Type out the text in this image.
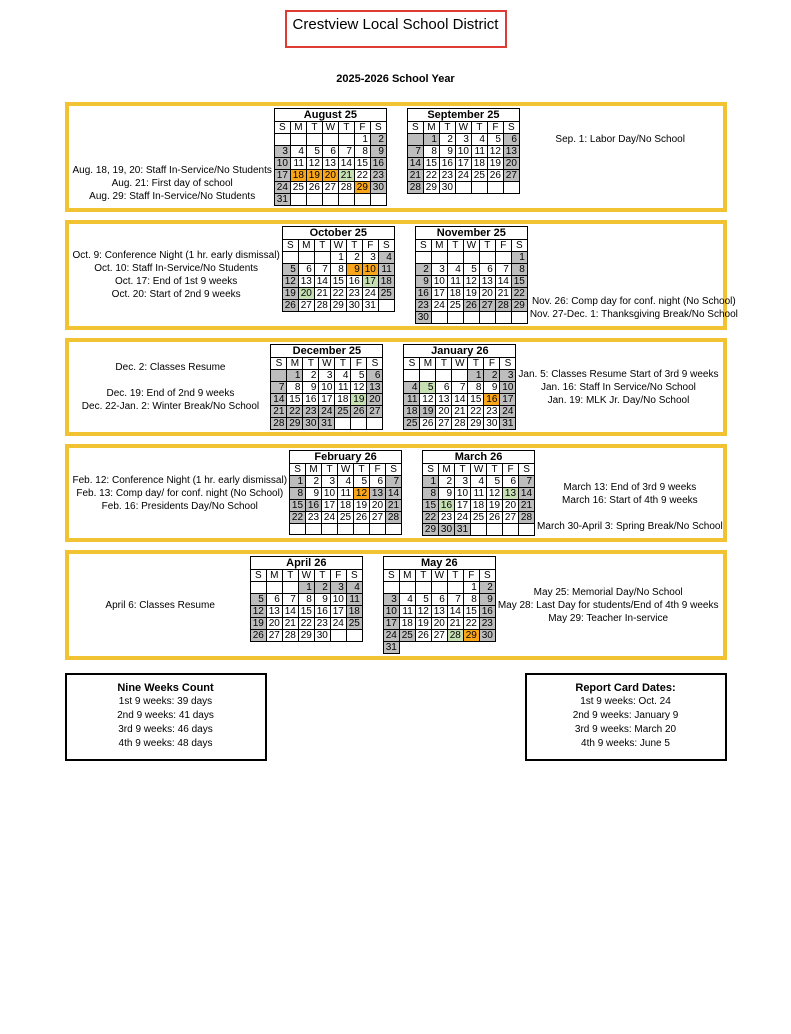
Crestview Local School District
2025-2026 School Year
Aug. 18, 19, 20: Staff In-Service/No Students
Aug. 21: First day of school
Aug. 29: Staff In-Service/No Students
August 25						
S	M	T	W	T	F	S
					1	2
3	4	5	6	7	8	9
10	11	12	13	14	15	16
17	18	19	20	21	22	23
24	25	26	27	28	29	30
31						
September 25						
S	M	T	W	T	F	S
	1	2	3	4	5	6
7	8	9	10	11	12	13
14	15	16	17	18	19	20
21	22	23	24	25	26	27
28	29	30				
Sep. 1: Labor Day/No School
Oct. 9: Conference Night (1 hr. early dismissal)
Oct. 10: Staff In-Service/No Students
Oct. 17: End of 1st 9 weeks
Oct. 20: Start of 2nd 9 weeks
October 25						
S	M	T	W	T	F	S
			1	2	3	4
5	6	7	8	9	10	11
12	13	14	15	16	17	18
19	20	21	22	23	24	25
26	27	28	29	30	31	
November 25						
S	M	T	W	T	F	S
						1
2	3	4	5	6	7	8
9	10	11	12	13	14	15
16	17	18	19	20	21	22
23	24	25	26	27	28	29
30						
Nov. 26: Comp day for conf. night (No School)
Nov. 27-Dec. 1: Thanksgiving Break/No School
Dec. 2: Classes Resume
Dec. 19: End of 2nd 9 weeks
Dec. 22-Jan. 2: Winter Break/No School
December 25						
S	M	T	W	T	F	S
	1	2	3	4	5	6
7	8	9	10	11	12	13
14	15	16	17	18	19	20
21	22	23	24	25	26	27
28	29	30	31			
January 26						
S	M	T	W	T	F	S
				1	2	3
4	5	6	7	8	9	10
11	12	13	14	15	16	17
18	19	20	21	22	23	24
25	26	27	28	29	30	31
Jan. 5: Classes Resume Start of 3rd 9 weeks
Jan. 16: Staff In Service/No School
Jan. 19: MLK Jr. Day/No School
Feb. 12: Conference Night (1 hr. early dismissal)
Feb. 13: Comp day/ for conf. night (No School)
Feb. 16: Presidents Day/No School
February 26						
S	M	T	W	T	F	S
1	2	3	4	5	6	7
8	9	10	11	12	13	14
15	16	17	18	19	20	21
22	23	24	25	26	27	28

March 26						
S	M	T	W	T	F	S
1	2	3	4	5	6	7
8	9	10	11	12	13	14
15	16	17	18	19	20	21
22	23	24	25	26	27	28
29	30	31				
March 13: End of 3rd 9 weeks
March 16: Start of 4th 9 weeks
March 30-April 3: Spring Break/No School
April 6: Classes Resume
April 26						
S	M	T	W	T	F	S
			1	2	3	4
5	6	7	8	9	10	11
12	13	14	15	16	17	18
19	20	21	22	23	24	25
26	27	28	29	30		
May 26						
S	M	T	W	T	F	S
					1	2
3	4	5	6	7	8	9
10	11	12	13	14	15	16
17	18	19	20	21	22	23
24	25	26	27	28	29	30
31						
May 25: Memorial Day/No School
May 28: Last Day for students/End of 4th 9 weeks
May 29: Teacher In-service
Nine Weeks Count
1st 9 weeks: 39 days
2nd 9 weeks: 41 days
3rd 9 weeks: 46 days
4th 9 weeks: 48 days
Report Card Dates:
1st 9 weeks: Oct. 24
2nd 9 weeks: January 9
3rd 9 weeks: March 20
4th 9 weeks: June 5
